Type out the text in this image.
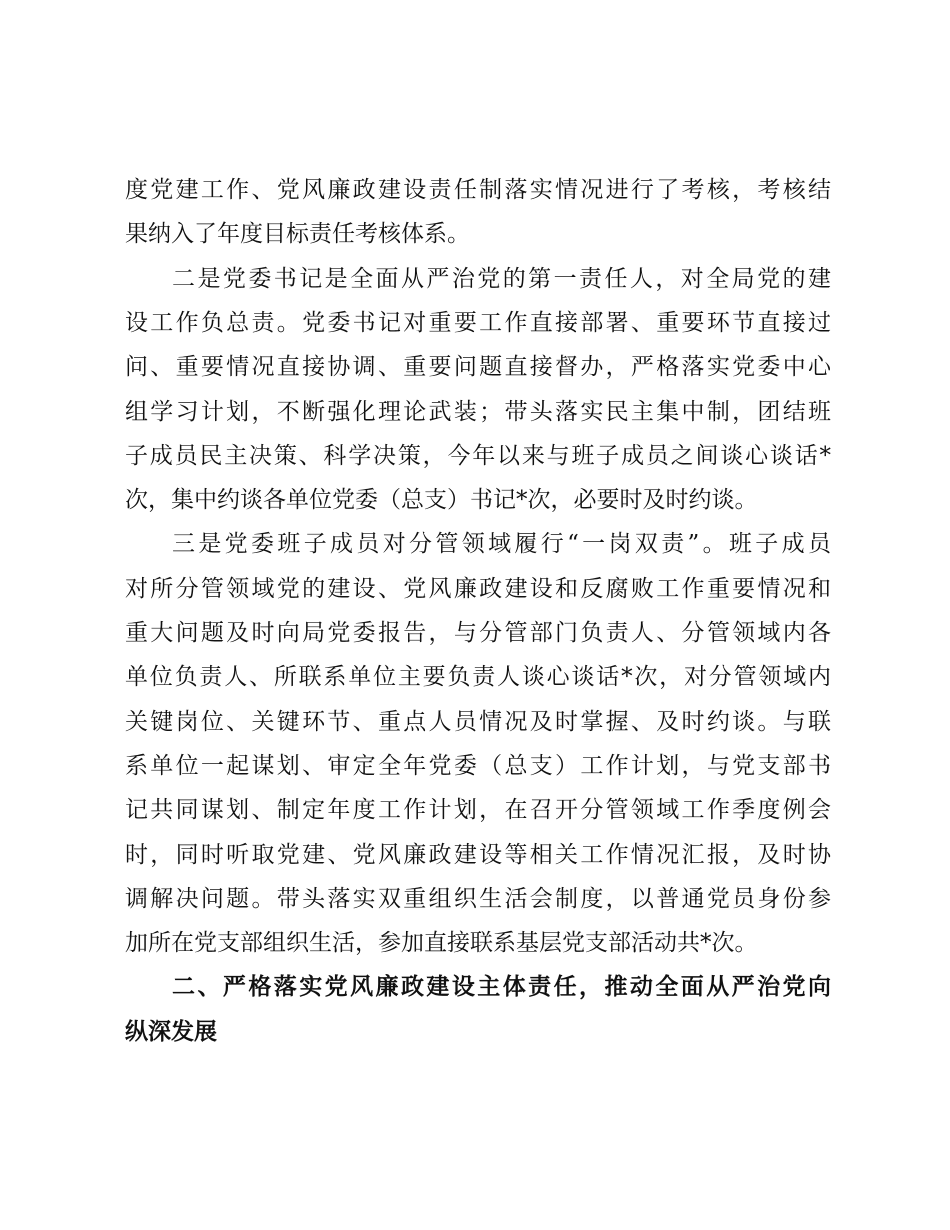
度党建工作、党风廉政建设责任制落实情况进行了考核，考核结
果纳入了年度目标责任考核体系。
二是党委书记是全面从严治党的第一责任人，对全局党的建
设工作负总责。党委书记对重要工作直接部署、重要环节直接过
问、重要情况直接协调、重要问题直接督办，严格落实党委中心
组学习计划，不断强化理论武装；带头落实民主集中制，团结班
子成员民主决策、科学决策，今年以来与班子成员之间谈心谈话*
次，集中约谈各单位党委（总支）书记*次，必要时及时约谈。
三是党委班子成员对分管领域履行“一岗双责”。班子成员
对所分管领域党的建设、党风廉政建设和反腐败工作重要情况和
重大问题及时向局党委报告，与分管部门负责人、分管领域内各
单位负责人、所联系单位主要负责人谈心谈话*次，对分管领域内
关键岗位、关键环节、重点人员情况及时掌握、及时约谈。与联
系单位一起谋划、审定全年党委（总支）工作计划，与党支部书
记共同谋划、制定年度工作计划，在召开分管领域工作季度例会
时，同时听取党建、党风廉政建设等相关工作情况汇报，及时协
调解决问题。带头落实双重组织生活会制度，以普通党员身份参
加所在党支部组织生活，参加直接联系基层党支部活动共*次。
二、严格落实党风廉政建设主体责任，推动全面从严治党向
纵深发展
